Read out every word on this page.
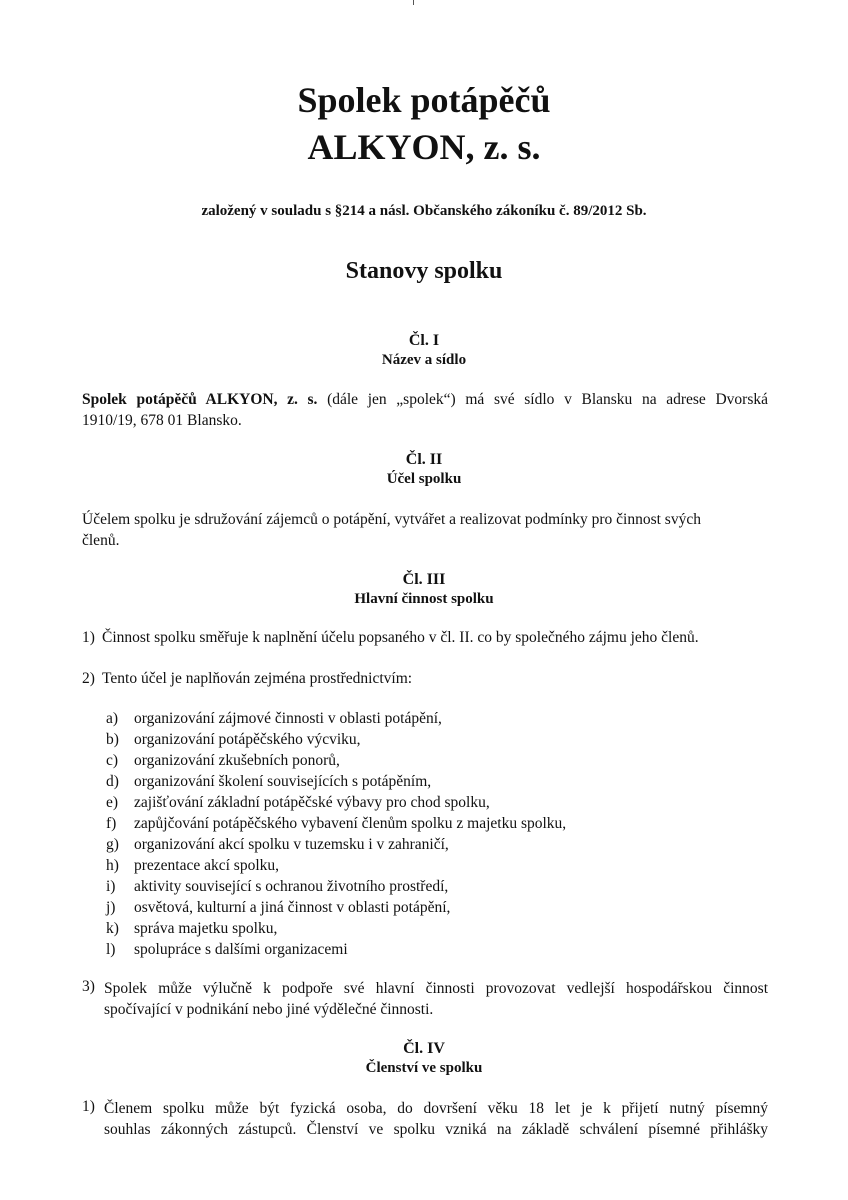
Spolek potápěčů
ALKYON, z. s.
založený v souladu s §214 a násl. Občanského zákoníku č. 89/2012 Sb.
Stanovy spolku
Čl. I
Název a sídlo
Spolek potápěčů ALKYON, z. s. (dále jen „spolek“) má své sídlo v Blansku na adrese Dvorská
1910/19, 678 01 Blansko.
Čl. II
Účel spolku
Účelem spolku je sdružování zájemců o potápění, vytvářet a realizovat podmínky pro činnost svých
členů.
Čl. III
Hlavní činnost spolku
1) Činnost spolku směřuje k naplnění účelu popsaného v čl. II. co by společného zájmu jeho členů.
2) Tento účel je naplňován zejména prostřednictvím:
a) organizování zájmové činnosti v oblasti potápění,
b) organizování potápěčského výcviku,
c) organizování zkušebních ponorů,
d) organizování školení souvisejících s potápěním,
e) zajišťování základní potápěčské výbavy pro chod spolku,
f) zapůjčování potápěčského vybavení členům spolku z majetku spolku,
g) organizování akcí spolku v tuzemsku i v zahraničí,
h) prezentace akcí spolku,
i) aktivity související s ochranou životního prostředí,
j) osvětová, kulturní a jiná činnost v oblasti potápění,
k) správa majetku spolku,
l) spolupráce s dalšími organizacemi
3) Spolek může výlučně k podpoře své hlavní činnosti provozovat vedlejší hospodářskou činnost
spočívající v podnikání nebo jiné výdělečné činnosti.
Čl. IV
Členství ve spolku
1) Členem spolku může být fyzická osoba, do dovršení věku 18 let je k přijetí nutný písemný
souhlas zákonných zástupců. Členství ve spolku vzniká na základě schválení písemné přihlášky
